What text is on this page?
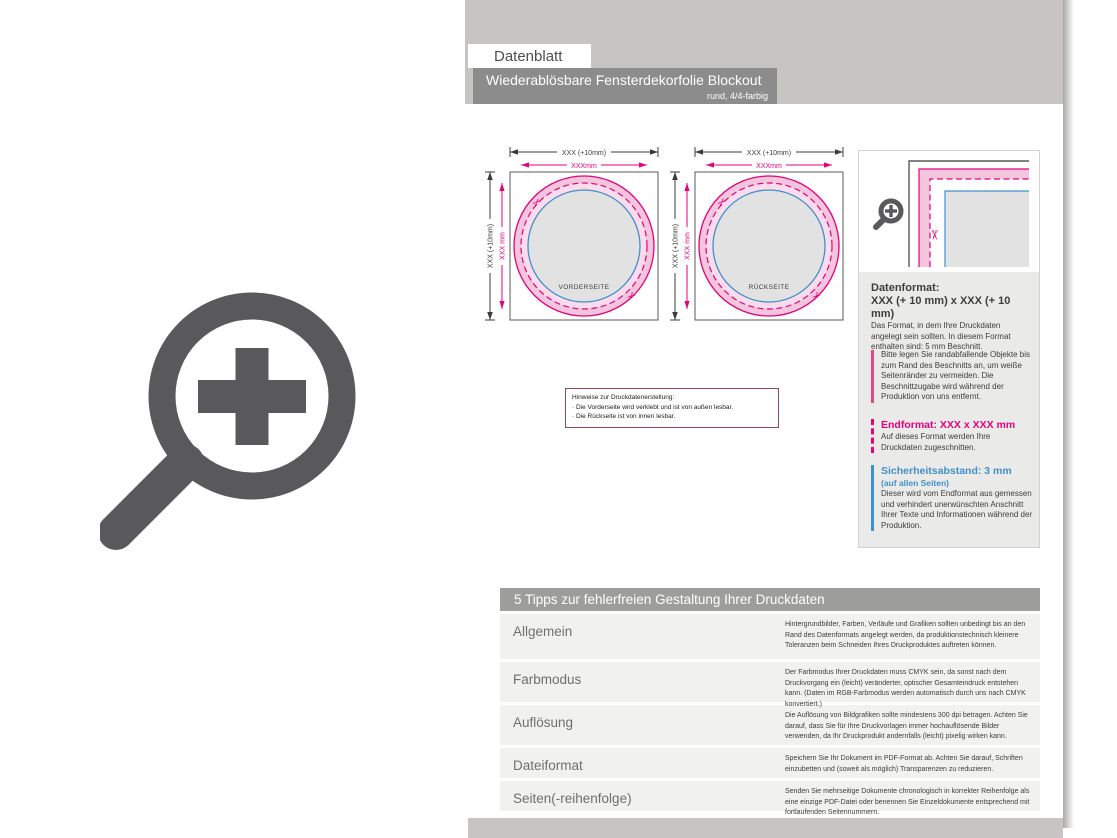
Datenblatt
Wiederablösbare Fensterdekorfolie Blockout
rund, 4/4-farbig
XXX (+10mm)
XXXmm
XXX (+10mm) XXX mm
✂
✂
VORDERSEITE
XXX (+10mm)
XXXmm
XXX (+10mm) XXX mm
✂
✂
RÜCKSEITE
Hinweise zur Druckdatenerstellung:
· Die Vorderseite wird verklebt und ist von außen lesbar.
· Die Rückseite ist von innen lesbar.
✂
Datenformat:
XXX (+ 10 mm) x XXX (+ 10 mm)
Das Format, in dem Ihre Druckdaten angelegt sein sollten. In diesem Format enthalten sind: 5 mm Beschnitt.
Bitte legen Sie randabfallende Objekte bis zum Rand des Beschnitts an, um weiße Seitenränder zu vermeiden. Die Beschnittzugabe wird während der Produktion von uns entfernt.
Endformat: XXX x XXX mm
Auf dieses Format werden Ihre Druckdaten zugeschnitten.
Sicherheitsabstand: 3 mm
(auf allen Seiten)
Dieser wird vom Endformat aus gemessen und verhindert unerwünschten Anschnitt Ihrer Texte und Informationen während der Produktion.
5 Tipps zur fehlerfreien Gestaltung Ihrer Druckdaten
Allgemein	Hintergrundbilder, Farben, Verläufe und Grafiken sollten unbedingt bis an den Rand des Datenformats angelegt werden, da produktionstechnisch kleinere Toleranzen beim Schneiden Ihres Druckproduktes auftreten können.
Farbmodus	Der Farbmodus Ihrer Druckdaten muss CMYK sein, da sonst nach dem Druckvorgang ein (leicht) veränderter, optischer Gesamteindruck entstehen kann. (Daten im RGB-Farbmodus werden automatisch durch uns nach CMYK konvertiert.)
Auflösung	Die Auflösung von Bildgrafiken sollte mindestens 300 dpi betragen. Achten Sie darauf, dass Sie für Ihre Druckvorlagen immer hochauflösende Bilder verwenden, da Ihr Druckprodukt andernfalls (leicht) pixelig wirken kann.
Dateiformat	Speichern Sie Ihr Dokument im PDF-Format ab. Achten Sie darauf, Schriften einzubetten und (soweit als möglich) Transparenzen zu reduzieren.
Seiten(-reihenfolge)	Senden Sie mehrseitige Dokumente chronologisch in korrekter Reihenfolge als eine einzige PDF-Datei oder benennen Sie Einzeldokumente entsprechend mit fortlaufenden Seitennummern.
